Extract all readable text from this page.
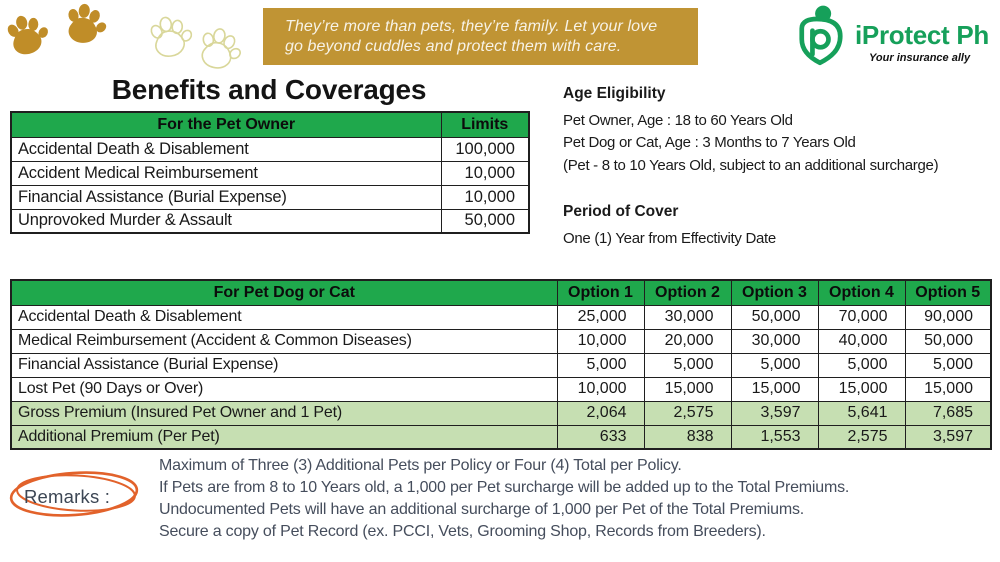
They’re more than pets, they’re family. Let your love
go beyond cuddles and protect them with care.	iProtect Ph
Your insurance ally
Benefits and Coverages
For the Pet Owner	Limits
Accidental Death & Disablement	100,000
Accident Medical Reimbursement	10,000
Financial Assistance (Burial Expense)	10,000
Unprovoked Murder & Assault	50,000
Age Eligibility
Pet Owner, Age : 18 to 60 Years Old
Pet Dog or Cat, Age : 3 Months to 7 Years Old
(Pet - 8 to 10 Years Old, subject to an additional surcharge)
Period of Cover
One (1) Year from Effectivity Date
For Pet Dog or Cat	Option 1	Option 2	Option 3	Option 4	Option 5
Accidental Death & Disablement	25,000	30,000	50,000	70,000	90,000
Medical Reimbursement (Accident & Common Diseases)	10,000	20,000	30,000	40,000	50,000
Financial Assistance (Burial Expense)	5,000	5,000	5,000	5,000	5,000
Lost Pet (90 Days or Over)	10,000	15,000	15,000	15,000	15,000
Gross Premium (Insured Pet Owner and 1 Pet)	2,064	2,575	3,597	5,641	7,685
Additional Premium (Per Pet)	633	838	1,553	2,575	3,597
Remarks :
Maximum of Three (3) Additional Pets per Policy or Four (4) Total per Policy.
If Pets are from 8 to 10 Years old, a 1,000 per Pet surcharge will be added up to the Total Premiums.
Undocumented Pets will have an additional surcharge of 1,000 per Pet of the Total Premiums.
Secure a copy of Pet Record (ex. PCCI, Vets, Grooming Shop, Records from Breeders).
